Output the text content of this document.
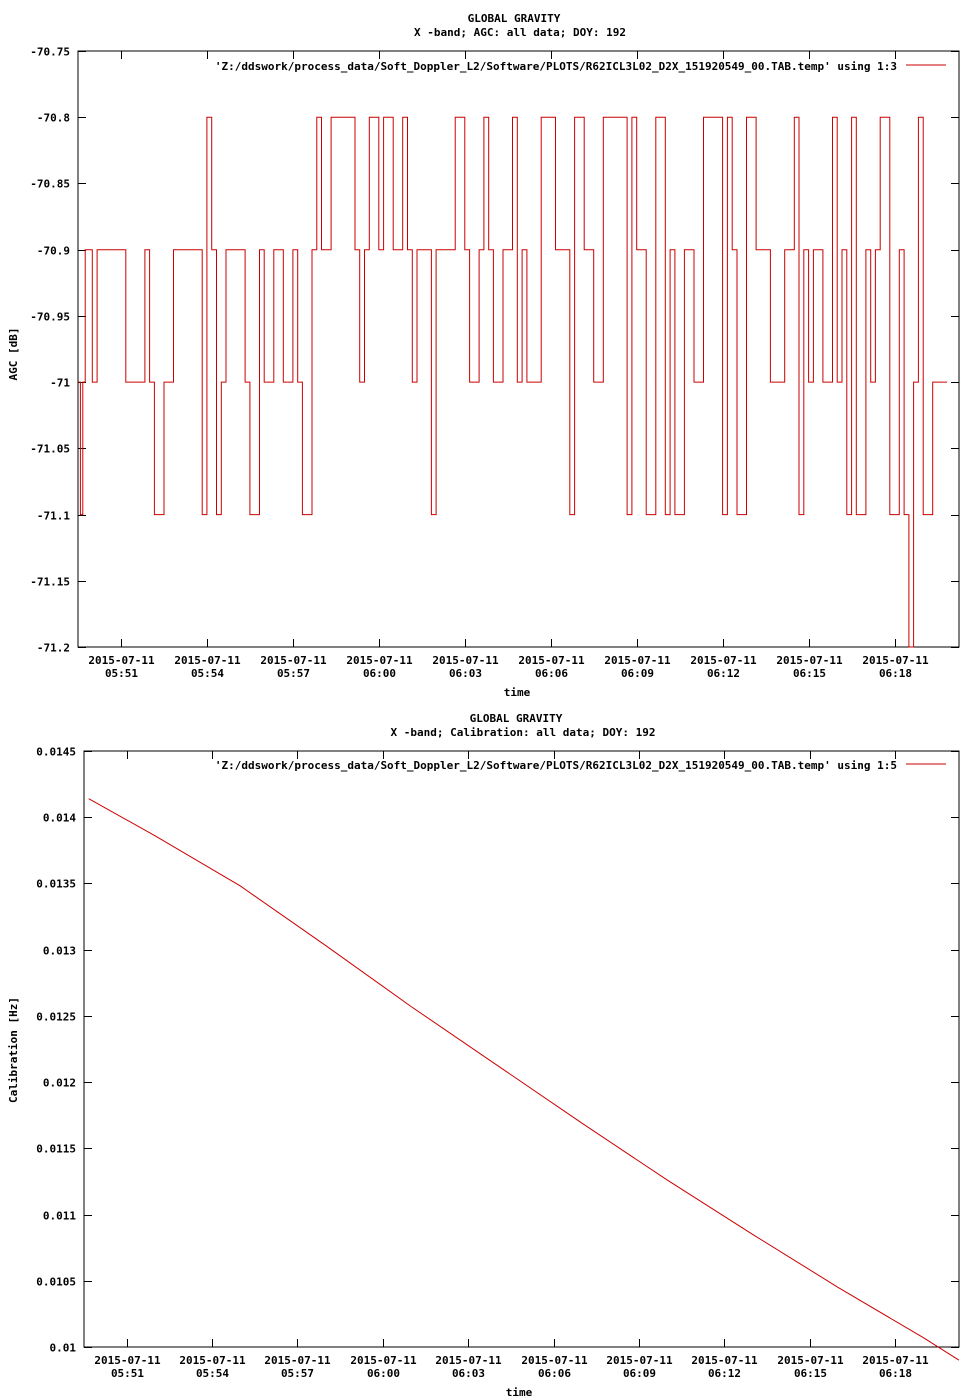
GLOBAL GRAVITY
X -band; AGC: all data; DOY: 192
-70.75
-70.8
-70.85
-70.9
-70.95
-71
-71.05
-71.1
-71.15
-71.2
2015-07-11
05:51
2015-07-11
05:54
2015-07-11
05:57
2015-07-11
06:00
2015-07-11
06:03
2015-07-11
06:06
2015-07-11
06:09
2015-07-11
06:12
2015-07-11
06:15
2015-07-11
06:18
'Z:/ddswork/process_data/Soft_Doppler_L2/Software/PLOTS/R62ICL3L02_D2X_151920549_00.TAB.temp' using 1:3
AGC [dB]
time
GLOBAL GRAVITY
X -band; Calibration: all data; DOY: 192
0.0145
0.014
0.0135
0.013
0.0125
0.012
0.0115
0.011
0.0105
0.01
2015-07-11
05:51
2015-07-11
05:54
2015-07-11
05:57
2015-07-11
06:00
2015-07-11
06:03
2015-07-11
06:06
2015-07-11
06:09
2015-07-11
06:12
2015-07-11
06:15
2015-07-11
06:18
'Z:/ddswork/process_data/Soft_Doppler_L2/Software/PLOTS/R62ICL3L02_D2X_151920549_00.TAB.temp' using 1:5
Calibration [Hz]
time
